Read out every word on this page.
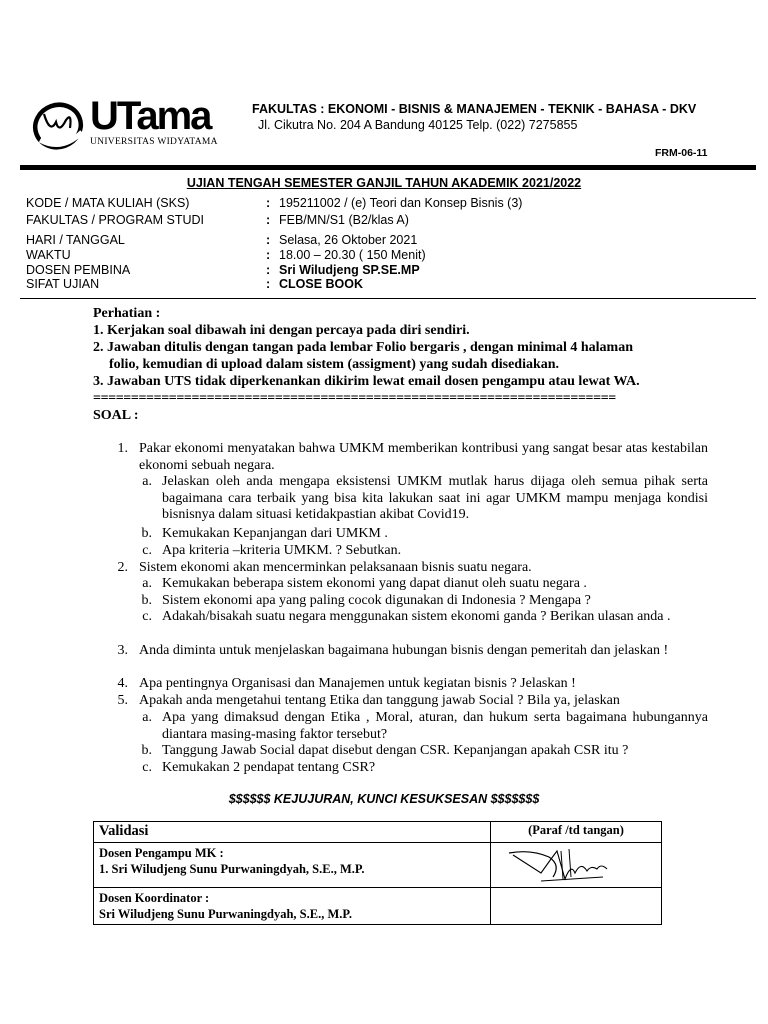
UTama
UNIVERSITAS WIDYATAMA
FAKULTAS : EKONOMI - BISNIS & MANAJEMEN - TEKNIK - BAHASA - DKV
Jl. Cikutra No. 204 A Bandung 40125 Telp. (022) 7275855
FRM-06-11
UJIAN TENGAH SEMESTER GANJIL TAHUN AKADEMIK 2021/2022
KODE / MATA KULIAH (SKS)	: 195211002 / (e) Teori dan Konsep Bisnis (3)
FAKULTAS / PROGRAM STUDI	: FEB/MN/S1 (B2/klas A)
HARI / TANGGAL	: Selasa, 26 Oktober 2021
WAKTU	: 18.00 – 20.30 ( 150 Menit)
DOSEN PEMBINA	: Sri Wiludjeng SP.SE.MP
SIFAT UJIAN	: CLOSE BOOK
Perhatian :
1. Kerjakan soal dibawah ini dengan percaya pada diri sendiri.
2. Jawaban ditulis dengan tangan pada lembar Folio bergaris , dengan minimal 4 halaman
folio, kemudian di upload dalam sistem (assigment) yang sudah disediakan.
3. Jawaban UTS tidak diperkenankan dikirim lewat email dosen pengampu atau lewat WA.
=====================================================================
SOAL :
1. Pakar ekonomi menyatakan bahwa UMKM memberikan kontribusi yang sangat besar atas kestabilan ekonomi sebuah negara.
a. Jelaskan oleh anda mengapa eksistensi UMKM mutlak harus dijaga oleh semua pihak serta bagaimana cara terbaik yang bisa kita lakukan saat ini agar UMKM mampu menjaga kondisi bisnisnya dalam situasi ketidakpastian akibat Covid19.
b. Kemukakan Kepanjangan dari UMKM .
c. Apa kriteria –kriteria UMKM. ? Sebutkan.
2. Sistem ekonomi akan mencerminkan pelaksanaan bisnis suatu negara.
a. Kemukakan beberapa sistem ekonomi yang dapat dianut oleh suatu negara .
b. Sistem ekonomi apa yang paling cocok digunakan di Indonesia ? Mengapa ?
c. Adakah/bisakah suatu negara menggunakan sistem ekonomi ganda ? Berikan ulasan anda .
3. Anda diminta untuk menjelaskan bagaimana hubungan bisnis dengan pemeritah dan jelaskan !
4. Apa pentingnya Organisasi dan Manajemen untuk kegiatan bisnis ? Jelaskan !
5. Apakah anda mengetahui tentang Etika dan tanggung jawab Social ? Bila ya, jelaskan
a. Apa yang dimaksud dengan Etika , Moral, aturan, dan hukum serta bagaimana hubungannya diantara masing-masing faktor tersebut?
b. Tanggung Jawab Social dapat disebut dengan CSR. Kepanjangan apakah CSR itu ?
c. Kemukakan 2 pendapat tentang CSR?
$$$$$$ KEJUJURAN, KUNCI KESUKSESAN $$$$$$$
Validasi	(Paraf /td tangan)

Dosen Pengampu MK :
1. Sri Wiludjeng Sunu Purwaningdyah, S.E., M.P.

Dosen Koordinator :
Sri Wiludjeng Sunu Purwaningdyah, S.E., M.P.	
